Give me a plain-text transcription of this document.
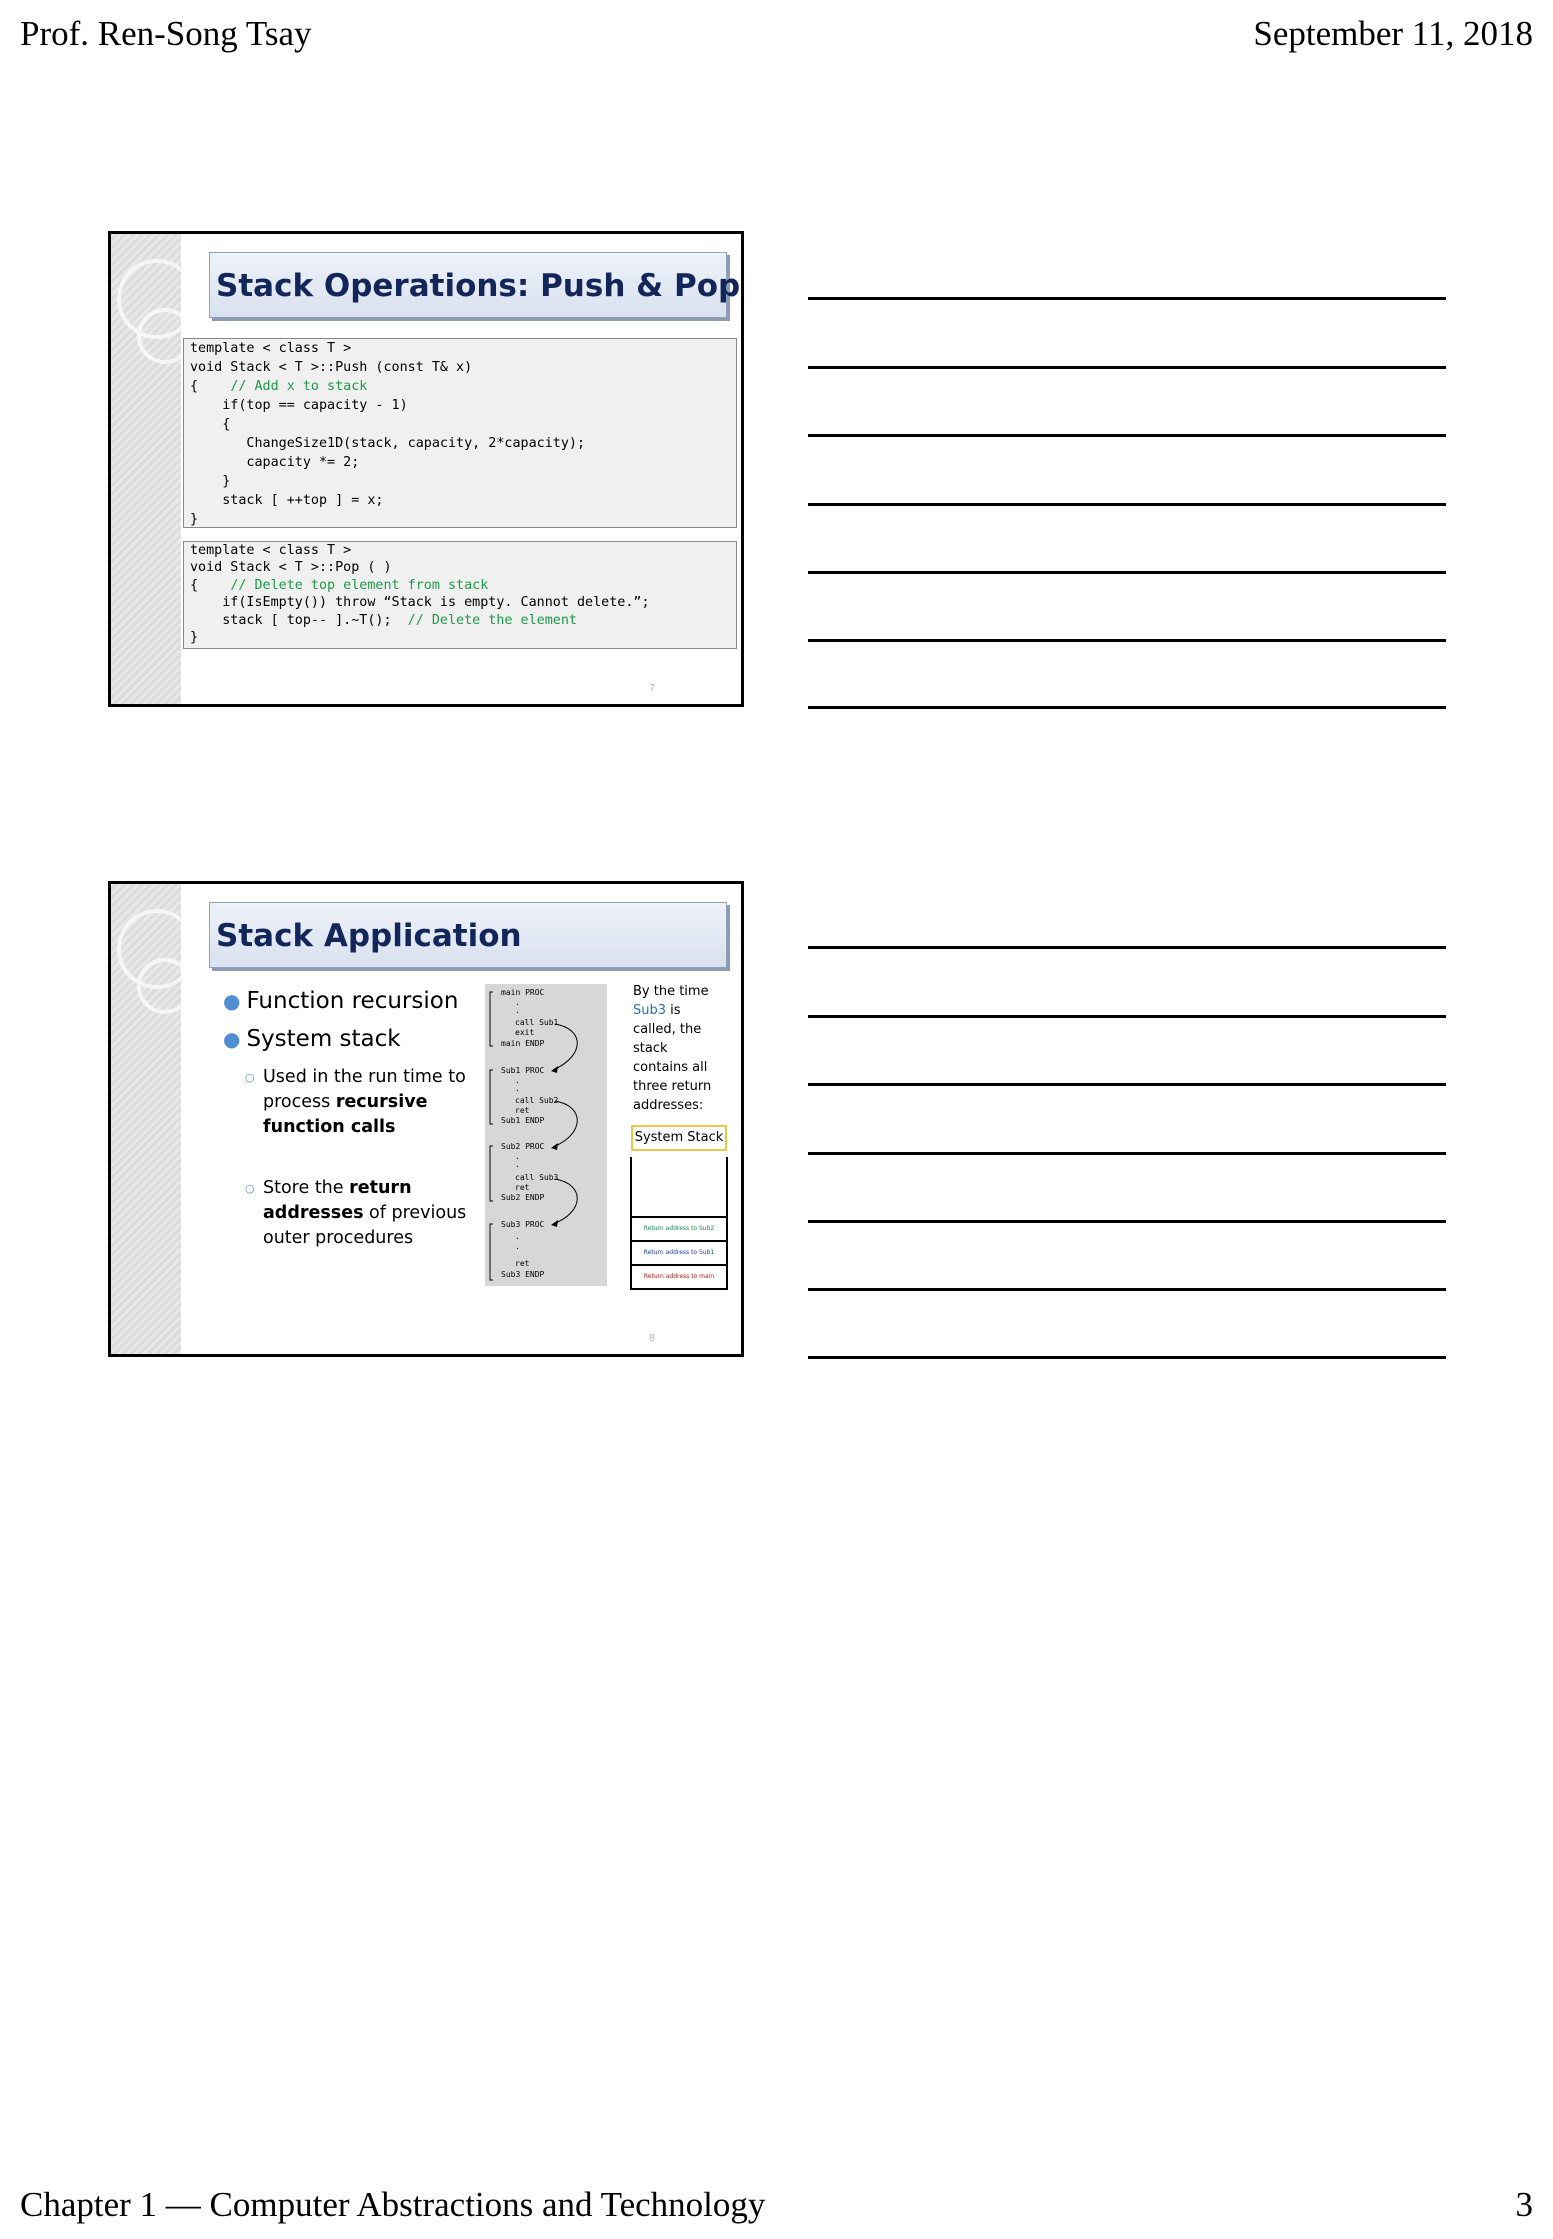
Prof. Ren-Song Tsay	September 11, 2018
Stack Operations: Push & Pop
template < class T >
void Stack < T >::Push (const T& x)
{    // Add x to stack
if(top == capacity - 1)
{
ChangeSize1D(stack, capacity, 2*capacity);
capacity *= 2;
}
stack [ ++top ] = x;
}
template < class T >
void Stack < T >::Pop ( )
{    // Delete top element from stack
if(IsEmpty()) throw “Stack is empty. Cannot delete.”;
stack [ top-- ].~T();  // Delete the element
}
7
Stack Application
● Function recursion
● System stack
○ Used in the run time to process recursive function calls
○ Store the return addresses of previous outer procedures
main PROC
.
.
call Sub1
exit
main ENDP
Sub1 PROC
.
.
call Sub2
ret
Sub1 ENDP
Sub2 PROC
.
.
call Sub3
ret
Sub2 ENDP
Sub3 PROC
.
.
ret
Sub3 ENDP
By the time Sub3 is called, the stack contains all three return addresses:
System Stack
Return address to Sub2
Return address to Sub1
Return address to main
8
Chapter 1 — Computer Abstractions and Technology	3
